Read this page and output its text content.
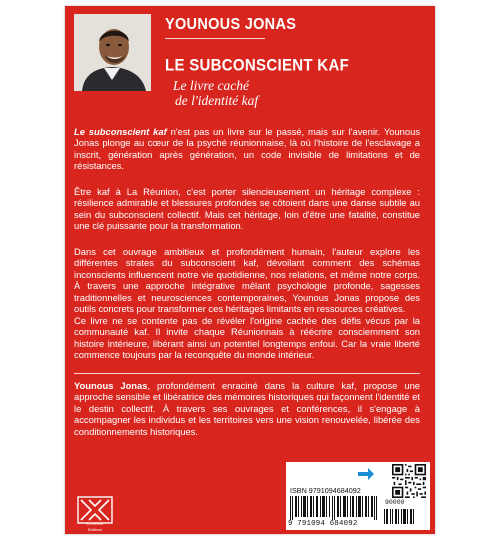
YOUNOUS JONAS
LE SUBCONSCIENT KAF
Le livre caché
de l'identité kaf

Le subconscient kaf n'est pas un livre sur le passé, mais sur l'avenir. Younous Jonas plonge au cœur de la psyché réunionnaise, là où l'histoire de l'esclavage a inscrit, génération après génération, un code invisible de limitations et de résistances.

Être kaf à La Réunion, c'est porter silencieusement un héritage complexe : résilience admirable et blessures profondes se côtoient dans une danse subtile au sein du subconscient collectif. Mais cet héritage, loin d'être une fatalité, constitue une clé puissante pour la transformation.

Dans cet ouvrage ambitieux et profondément humain, l'auteur explore les différentes strates du subconscient kaf, dévoilant comment des schémas inconscients influencent notre vie quotidienne, nos relations, et même notre corps. À travers une approche intégrative mêlant psychologie profonde, sagesses traditionnelles et neurosciences contemporaines, Younous Jonas propose des outils concrets pour transformer ces héritages limitants en ressources créatives.

Ce livre ne se contente pas de révéler l'origine cachée des défis vécus par la communauté kaf. Il invite chaque Réunionnais à réécrire consciemment son histoire intérieure, libérant ainsi un potentiel longtemps enfoui. Car la vraie liberté commence toujours par la reconquête du monde intérieur.

Younous Jonas, profondément enraciné dans la culture kaf, propose une approche sensible et libératrice des mémoires historiques qui façonnent l'identité et le destin collectif. À travers ses ouvrages et conférences, il s'engage à accompagner les individus et les territoires vers une vision renouvelée, libérée des conditionnements historiques.

KOMSA
Éditions
ISBN 9791094684092
9 791094 684092
90000
